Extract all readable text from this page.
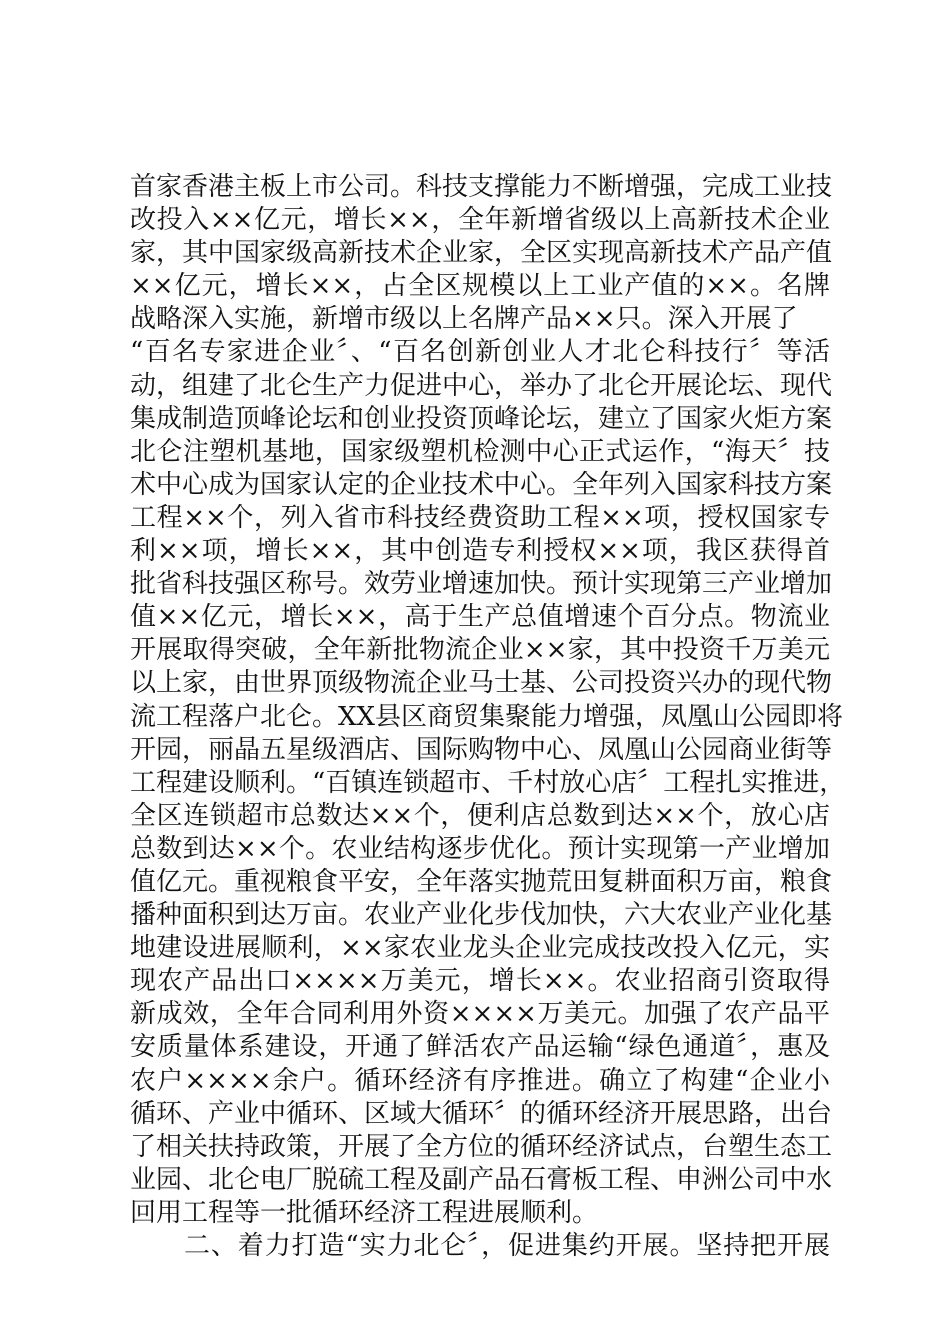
首家香港主板上市公司。科技支撑能力不断增强，完成工业技
改投入××亿元，增长××，全年新增省级以上高新技术企业
家，其中国家级高新技术企业家，全区实现高新技术产品产值
××亿元，增长××，占全区规模以上工业产值的××。名牌
战略深入实施，新增市级以上名牌产品××只。深入开展了
“百名专家进企业〞、“百名创新创业人才北仑科技行〞等活
动，组建了北仑生产力促进中心，举办了北仑开展论坛、现代
集成制造顶峰论坛和创业投资顶峰论坛，建立了国家火炬方案
北仑注塑机基地，国家级塑机检测中心正式运作，“海天〞技
术中心成为国家认定的企业技术中心。全年列入国家科技方案
工程××个，列入省市科技经费资助工程××项，授权国家专
利××项，增长××，其中创造专利授权××项，我区获得首
批省科技强区称号。效劳业增速加快。预计实现第三产业增加
值××亿元，增长××，高于生产总值增速个百分点。物流业
开展取得突破，全年新批物流企业××家，其中投资千万美元
以上家，由世界顶级物流企业马士基、公司投资兴办的现代物
流工程落户北仑。XX县区商贸集聚能力增强，凤凰山公园即将
开园，丽晶五星级酒店、国际购物中心、凤凰山公园商业街等
工程建设顺利。“百镇连锁超市、千村放心店〞工程扎实推进，
全区连锁超市总数达××个，便利店总数到达××个，放心店
总数到达××个。农业结构逐步优化。预计实现第一产业增加
值亿元。重视粮食平安，全年落实抛荒田复耕面积万亩，粮食
播种面积到达万亩。农业产业化步伐加快，六大农业产业化基
地建设进展顺利，××家农业龙头企业完成技改投入亿元，实
现农产品出口××××万美元，增长××。农业招商引资取得
新成效，全年合同利用外资××××万美元。加强了农产品平
安质量体系建设，开通了鲜活农产品运输“绿色通道〞，惠及
农户××××余户。循环经济有序推进。确立了构建“企业小
循环、产业中循环、区域大循环〞的循环经济开展思路，出台
了相关扶持政策，开展了全方位的循环经济试点，台塑生态工
业园、北仑电厂脱硫工程及副产品石膏板工程、申洲公司中水
回用工程等一批循环经济工程进展顺利。
二、着力打造“实力北仑〞，促进集约开展。坚持把开展
